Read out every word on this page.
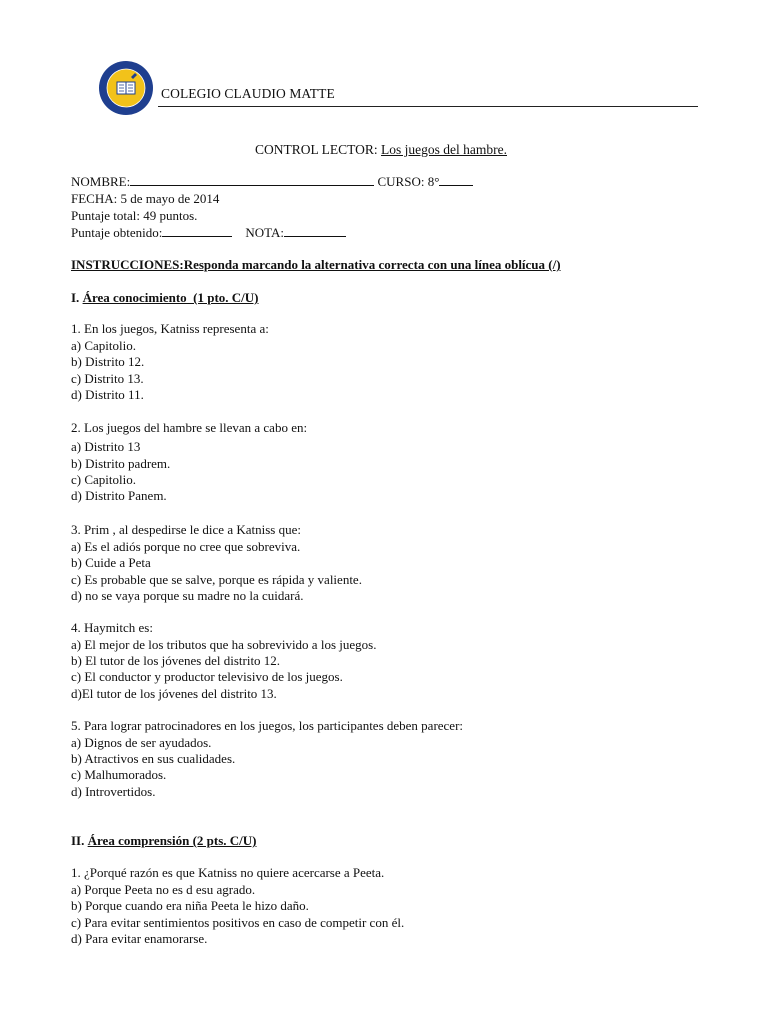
COLEGIO CLAUDIO MATTE
CONTROL LECTOR: Los juegos del hambre.
NOMBRE:	CURSO: 8°
FECHA: 5 de mayo de 2014
Puntaje total: 49 puntos.
Puntaje obtenido:	NOTA:
INSTRUCCIONES:Responda marcando la alternativa correcta con una línea oblícua (/)
I. Área conocimiento  (1 pto. C/U)
1. En los juegos, Katniss representa a:
a) Capitolio.
b) Distrito 12.
c) Distrito 13.
d) Distrito 11.
2. Los juegos del hambre se llevan a cabo en:
a) Distrito 13
b) Distrito padrem.
c) Capitolio.
d) Distrito Panem.
3. Prim , al despedirse le dice a Katniss que:
a) Es el adiós porque no cree que sobreviva.
b) Cuide a Peta
c) Es probable que se salve, porque es rápida y valiente.
d) no se vaya porque su madre no la cuidará.
4. Haymitch es:
a) El mejor de los tributos que ha sobrevivido a los juegos.
b) El tutor de los jóvenes del distrito 12.
c) El conductor y productor televisivo de los juegos.
d)El tutor de los jóvenes del distrito 13.
5. Para lograr patrocinadores en los juegos, los participantes deben parecer:
a) Dignos de ser ayudados.
b) Atractivos en sus cualidades.
c) Malhumorados.
d) Introvertidos.
II. Área comprensión (2 pts. C/U)
1. ¿Porqué razón es que Katniss no quiere acercarse a Peeta.
a) Porque Peeta no es d esu agrado.
b) Porque cuando era niña Peeta le hizo daño.
c) Para evitar sentimientos positivos en caso de competir con él.
d) Para evitar enamorarse.
